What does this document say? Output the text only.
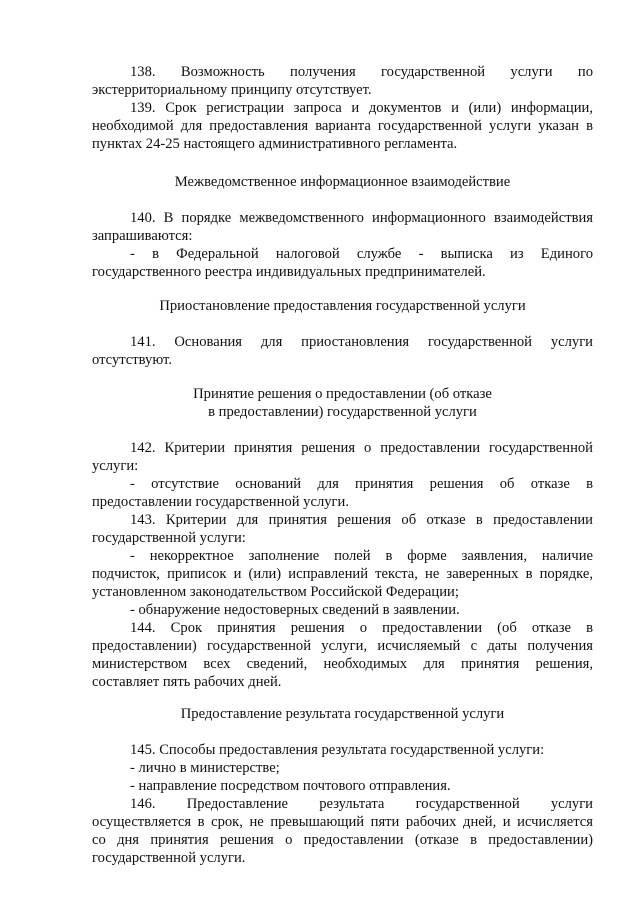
138. Возможность получения государственной услуги по
экстерриториальному принципу отсутствует.
139. Срок регистрации запроса и документов и (или) информации,
необходимой для предоставления варианта государственной услуги указан в
пунктах 24-25 настоящего административного регламента.
Межведомственное информационное взаимодействие
140. В порядке межведомственного информационного взаимодействия
запрашиваются:
- в Федеральной налоговой службе - выписка из Единого
государственного реестра индивидуальных предпринимателей.
Приостановление предоставления государственной услуги
141. Основания для приостановления государственной услуги
отсутствуют.
Принятие решения о предоставлении (об отказе
в предоставлении) государственной услуги
142. Критерии принятия решения о предоставлении государственной
услуги:
- отсутствие оснований для принятия решения об отказе в
предоставлении государственной услуги.
143. Критерии для принятия решения об отказе в предоставлении
государственной услуги:
- некорректное заполнение полей в форме заявления, наличие
подчисток, приписок и (или) исправлений текста, не заверенных в порядке,
установленном законодательством Российской Федерации;
- обнаружение недостоверных сведений в заявлении.
144. Срок принятия решения о предоставлении (об отказе в
предоставлении) государственной услуги, исчисляемый с даты получения
министерством всех сведений, необходимых для принятия решения,
составляет пять рабочих дней.
Предоставление результата государственной услуги
145. Способы предоставления результата государственной услуги:
- лично в министерстве;
- направление посредством почтового отправления.
146. Предоставление результата государственной услуги
осуществляется в срок, не превышающий пяти рабочих дней, и исчисляется
со дня принятия решения о предоставлении (отказе в предоставлении)
государственной услуги.
